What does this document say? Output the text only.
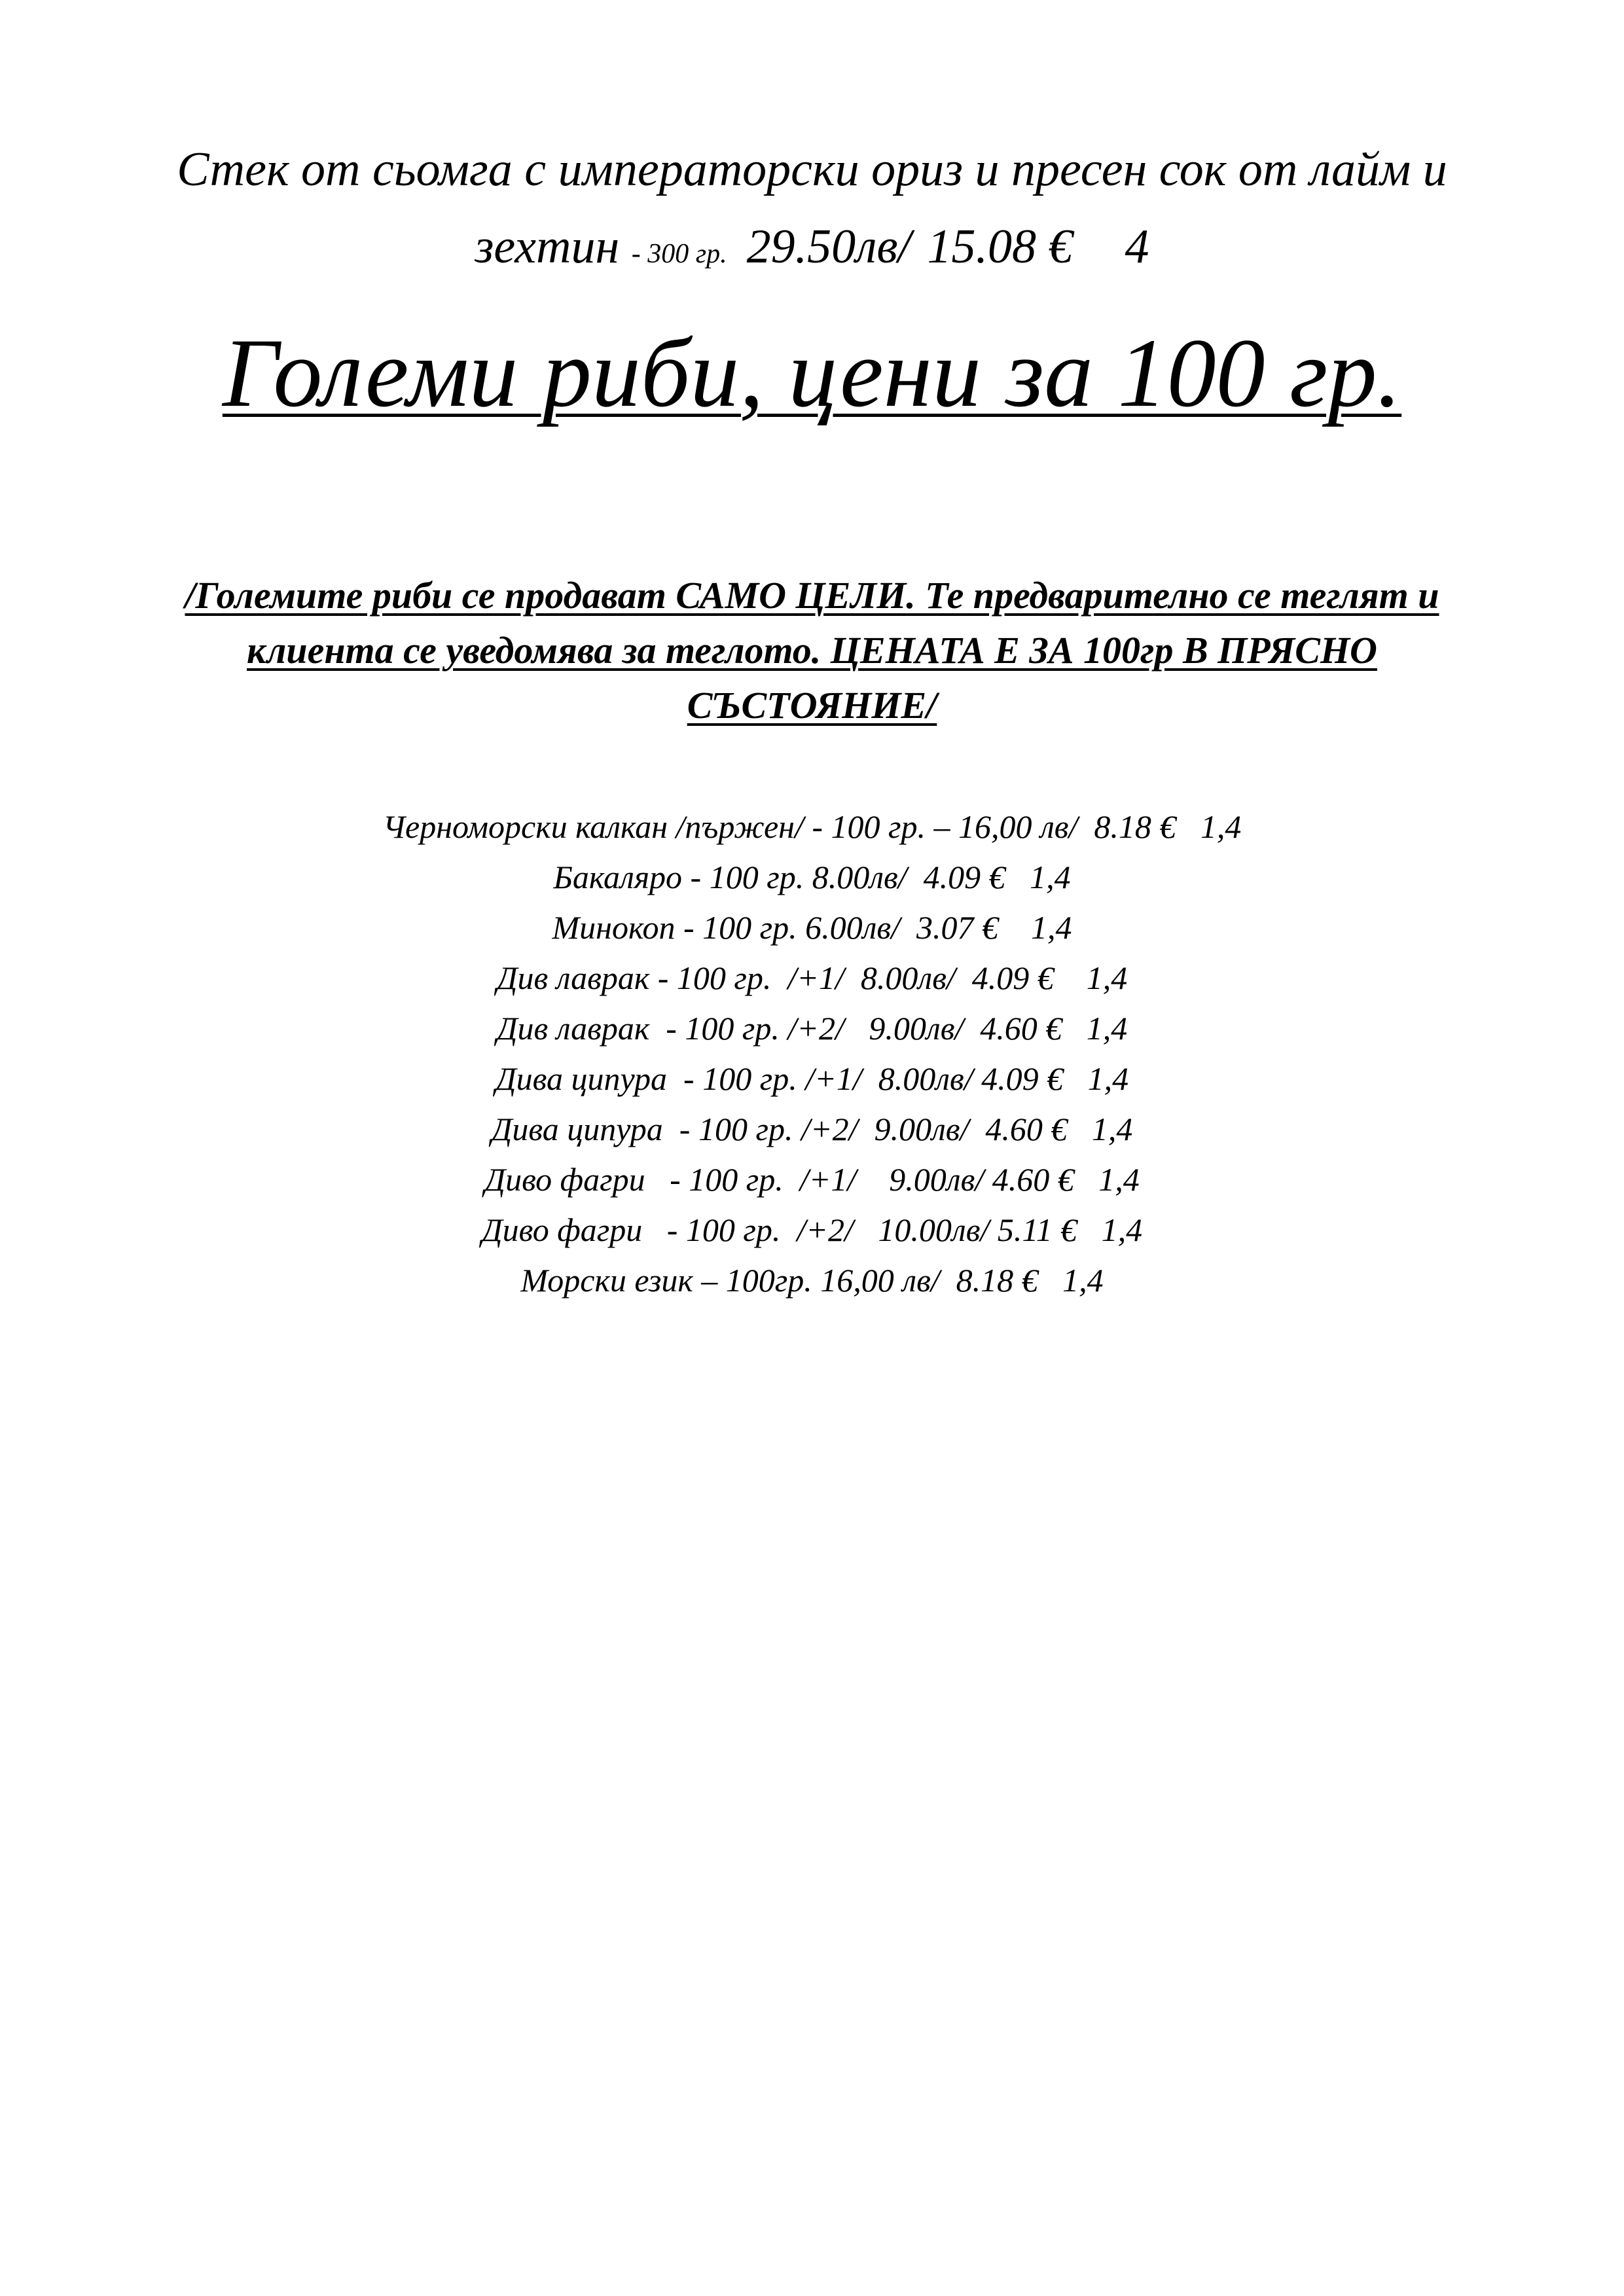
Стек от сьомга с императорски ориз и пресен сок от лайм и
зехтин - 300 гр. 29.50лв/ 15.08 € 4
Големи риби, цени за 100 гр.
/Големите риби се продават САМО ЦЕЛИ. Те предварително се теглят и
клиента се уведомява за теглото. ЦЕНАТА Е ЗА 100гр В ПРЯСНО
СЪСТОЯНИЕ/
Черноморски калкан /пържен/ - 100 гр. – 16,00 лв/  8.18 €   1,4
Бакаляро - 100 гр. 8.00лв/  4.09 €   1,4
Минокоп - 100 гр. 6.00лв/  3.07 €    1,4
Див лаврак - 100 гр.  /+1/  8.00лв/  4.09 €    1,4
Див лаврак  - 100 гр. /+2/   9.00лв/  4.60 €   1,4
Дива ципура  - 100 гр. /+1/  8.00лв/ 4.09 €   1,4
Дива ципура  - 100 гр. /+2/  9.00лв/  4.60 €   1,4
Диво фагри   - 100 гр.  /+1/    9.00лв/ 4.60 €   1,4
Диво фагри   - 100 гр.  /+2/   10.00лв/ 5.11 €   1,4
Морски език – 100гр. 16,00 лв/  8.18 €   1,4
